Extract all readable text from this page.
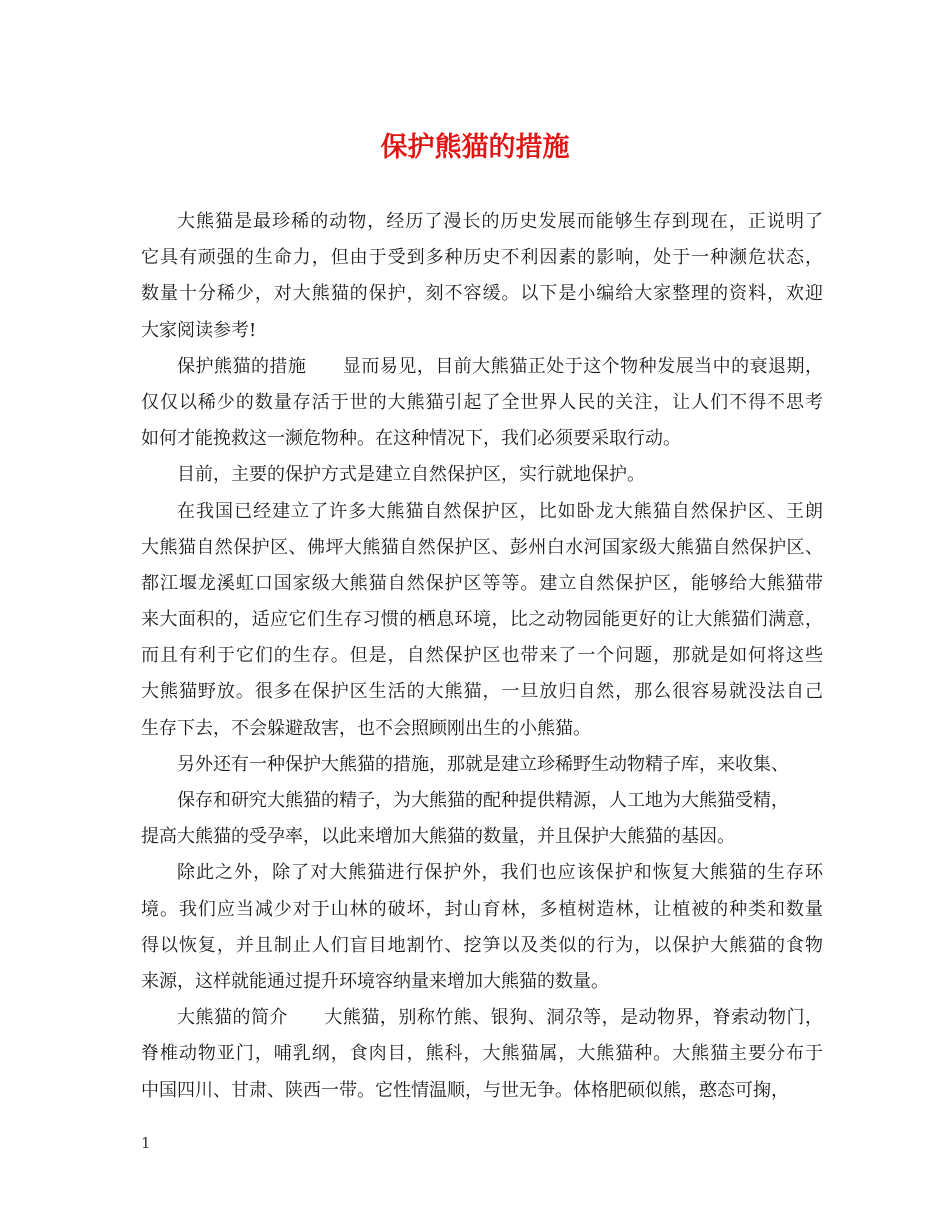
保护熊猫的措施
大熊猫是最珍稀的动物，经历了漫长的历史发展而能够生存到现在，正说明了
它具有顽强的生命力，但由于受到多种历史不利因素的影响，处于一种濒危状态，
数量十分稀少，对大熊猫的保护，刻不容缓。以下是小编给大家整理的资料，欢迎
大家阅读参考!
保护熊猫的措施 显而易见，目前大熊猫正处于这个物种发展当中的衰退期，
仅仅以稀少的数量存活于世的大熊猫引起了全世界人民的关注，让人们不得不思考
如何才能挽救这一濒危物种。在这种情况下，我们必须要采取行动。
目前，主要的保护方式是建立自然保护区，实行就地保护。
在我国已经建立了许多大熊猫自然保护区，比如卧龙大熊猫自然保护区、王朗
大熊猫自然保护区、佛坪大熊猫自然保护区、彭州白水河国家级大熊猫自然保护区、
都江堰龙溪虹口国家级大熊猫自然保护区等等。建立自然保护区，能够给大熊猫带
来大面积的，适应它们生存习惯的栖息环境，比之动物园能更好的让大熊猫们满意，
而且有利于它们的生存。但是，自然保护区也带来了一个问题，那就是如何将这些
大熊猫野放。很多在保护区生活的大熊猫，一旦放归自然，那么很容易就没法自己
生存下去，不会躲避敌害，也不会照顾刚出生的小熊猫。
另外还有一种保护大熊猫的措施，那就是建立珍稀野生动物精子库，来收集、
保存和研究大熊猫的精子，为大熊猫的配种提供精源，人工地为大熊猫受精，
提高大熊猫的受孕率，以此来增加大熊猫的数量，并且保护大熊猫的基因。
除此之外，除了对大熊猫进行保护外，我们也应该保护和恢复大熊猫的生存环
境。我们应当减少对于山林的破坏，封山育林，多植树造林，让植被的种类和数量
得以恢复，并且制止人们盲目地割竹、挖笋以及类似的行为，以保护大熊猫的食物
来源，这样就能通过提升环境容纳量来增加大熊猫的数量。
大熊猫的简介 大熊猫，别称竹熊、银狗、洞尕等，是动物界，脊索动物门，
脊椎动物亚门，哺乳纲，食肉目，熊科，大熊猫属，大熊猫种。大熊猫主要分布于
中国四川、甘肃、陕西一带。它性情温顺，与世无争。体格肥硕似熊，憨态可掬，
1
